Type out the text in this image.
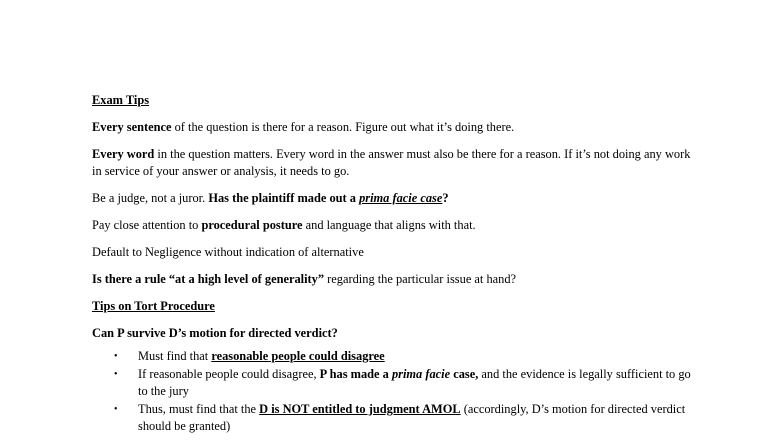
Exam Tips

Every sentence of the question is there for a reason. Figure out what it’s doing there.

Every word in the question matters. Every word in the answer must also be there for a reason. If it’s not doing any work in service of your answer or analysis, it needs to go.

Be a judge, not a juror. Has the plaintiff made out a prima facie case?

Pay close attention to procedural posture and language that aligns with that.

Default to Negligence without indication of alternative

Is there a rule “at a high level of generality” regarding the particular issue at hand?

Tips on Tort Procedure

Can P survive D’s motion for directed verdict?

• Must find that reasonable people could disagree
• If reasonable people could disagree, P has made a prima facie case, and the evidence is legally sufficient to go to the jury
• Thus, must find that the D is NOT entitled to judgment AMOL (accordingly, D’s motion for directed verdict should be granted)
